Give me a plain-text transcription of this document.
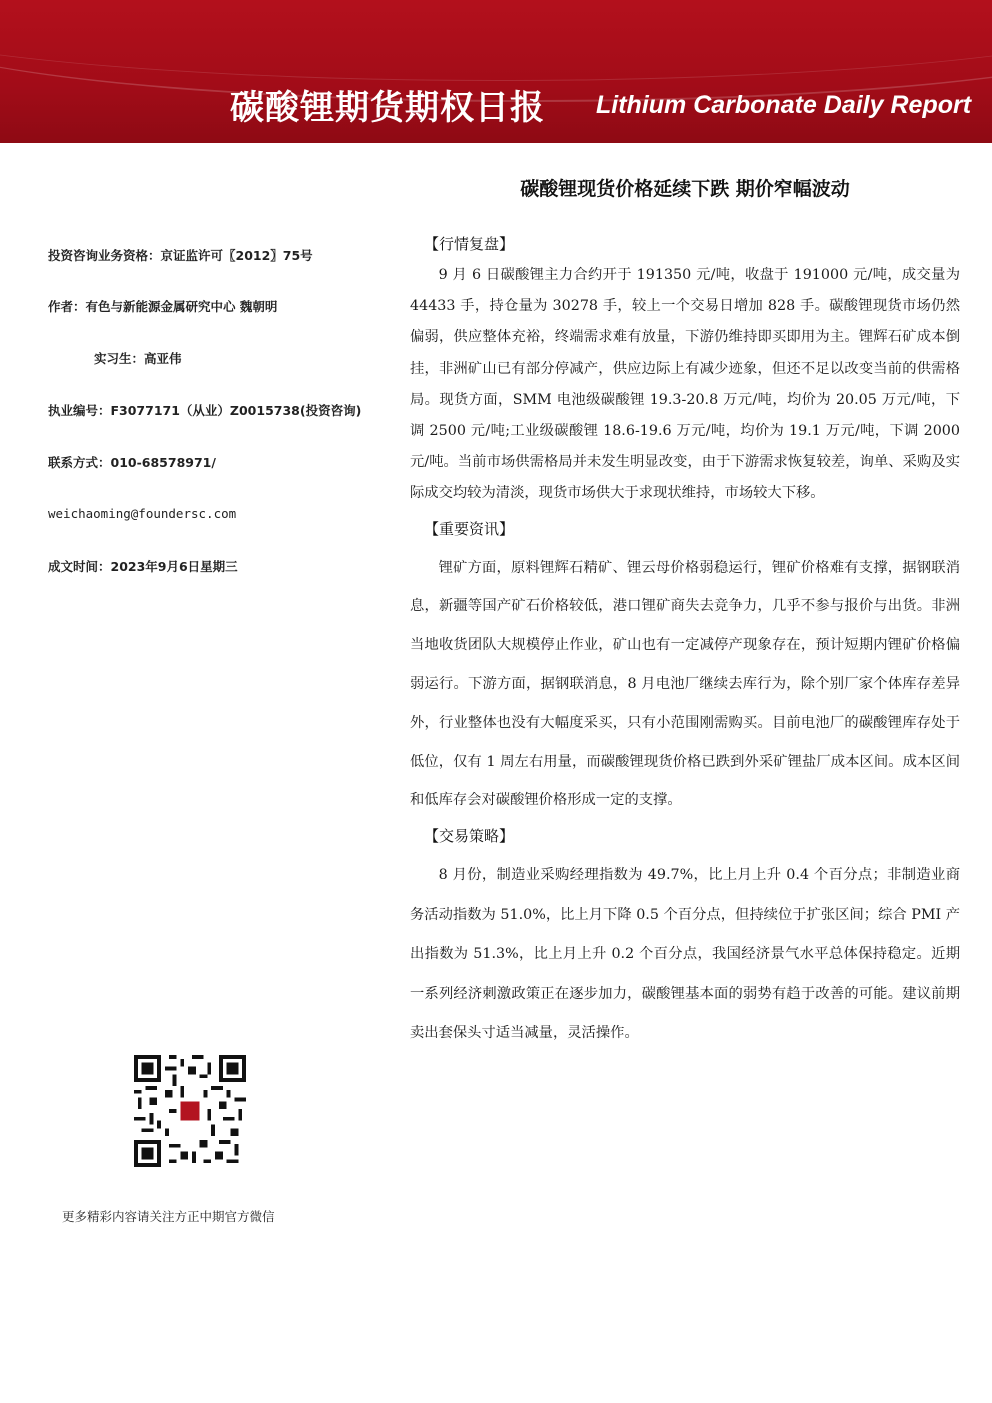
碳酸锂期货期权日报 Lithium Carbonate Daily Report
碳酸锂现货价格延续下跌 期价窄幅波动
投资咨询业务资格：京证监许可〖2012〗75号
作者：有色与新能源金属研究中心 魏朝明
实习生：高亚伟
执业编号：F3077171（从业）Z0015738(投资咨询)
联系方式：010-68578971/
weichaoming@foundersc.com
成文时间：2023年9月6日星期三
更多精彩内容请关注方正中期官方微信
【行情复盘】

9 月 6 日碳酸锂主力合约开于 191350 元/吨，收盘于 191000 元/吨，成交量为 44433 手，持仓量为 30278 手，较上一个交易日增加 828 手。碳酸锂现货市场仍然偏弱，供应整体充裕，终端需求难有放量，下游仍维持即买即用为主。锂辉石矿成本倒挂，非洲矿山已有部分停减产，供应边际上有减少迹象，但还不足以改变当前的供需格局。现货方面，SMM 电池级碳酸锂 19.3-20.8 万元/吨，均价为 20.05 万元/吨，下调 2500 元/吨;工业级碳酸锂 18.6-19.6 万元/吨，均价为 19.1 万元/吨，下调 2000 元/吨。当前市场供需格局并未发生明显改变，由于下游需求恢复较差，询单、采购及实际成交均较为清淡，现货市场供大于求现状维持，市场较大下移。

【重要资讯】

锂矿方面，原料锂辉石精矿、锂云母价格弱稳运行，锂矿价格难有支撑，据钢联消息，新疆等国产矿石价格较低，港口锂矿商失去竞争力，几乎不参与报价与出货。非洲当地收货团队大规模停止作业，矿山也有一定减停产现象存在，预计短期内锂矿价格偏弱运行。下游方面，据钢联消息，8 月电池厂继续去库行为，除个别厂家个体库存差异外，行业整体也没有大幅度采买，只有小范围刚需购买。目前电池厂的碳酸锂库存处于低位，仅有 1 周左右用量，而碳酸锂现货价格已跌到外采矿锂盐厂成本区间。成本区间和低库存会对碳酸锂价格形成一定的支撑。

【交易策略】

8 月份，制造业采购经理指数为 49.7%，比上月上升 0.4 个百分点；非制造业商务活动指数为 51.0%，比上月下降 0.5 个百分点，但持续位于扩张区间；综合 PMI 产出指数为 51.3%，比上月上升 0.2 个百分点，我国经济景气水平总体保持稳定。近期一系列经济刺激政策正在逐步加力，碳酸锂基本面的弱势有趋于改善的可能。建议前期卖出套保头寸适当减量，灵活操作。
